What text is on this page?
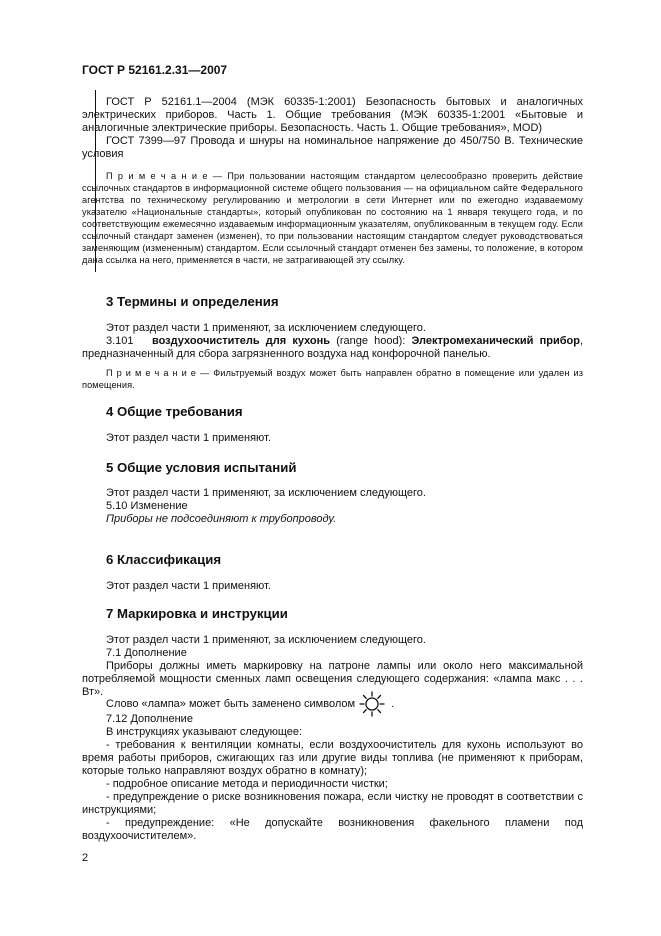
ГОСТ Р 52161.2.31—2007

ГОСТ Р 52161.1—2004 (МЭК 60335-1:2001) Безопасность бытовых и аналогичных электрических приборов. Часть 1. Общие требования (МЭК 60335-1:2001 «Бытовые и аналогичные электрические приборы. Безопасность. Часть 1. Общие требования», MOD)

ГОСТ 7399—97 Провода и шнуры на номинальное напряжение до 450/750 В. Технические условия

П р и м е ч а н и е — При пользовании настоящим стандартом целесообразно проверить действие ссылочных стандартов в информационной системе общего пользования — на официальном сайте Федерального агентства по техническому регулированию и метрологии в сети Интернет или по ежегодно издаваемому указателю «Национальные стандарты», который опубликован по состоянию на 1 января текущего года, и по соответствующим ежемесячно издаваемым информационным указателям, опубликованным в текущем году. Если ссылочный стандарт заменен (изменен), то при пользовании настоящим стандартом следует руководствоваться заменяющим (измененным) стандартом. Если ссылочный стандарт отменен без замены, то положение, в котором дана ссылка на него, применяется в части, не затрагивающей эту ссылку.

3 Термины и определения

Этот раздел части 1 применяют, за исключением следующего.

3.101 воздухоочиститель для кухонь (range hood): Электромеханический прибор, предназначенный для сбора загрязненного воздуха над конфорочной панелью.

П р и м е ч а н и е — Фильтруемый воздух может быть направлен обратно в помещение или удален из помещения.

4 Общие требования

Этот раздел части 1 применяют.

5 Общие условия испытаний

Этот раздел части 1 применяют, за исключением следующего.

5.10 Изменение

Приборы не подсоединяют к трубопроводу.

6 Классификация

Этот раздел части 1 применяют.

7 Маркировка и инструкции

Этот раздел части 1 применяют, за исключением следующего.

7.1 Дополнение

Приборы должны иметь маркировку на патроне лампы или около него максимальной потребляемой мощности сменных ламп освещения следующего содержания: «лампа макс . . . Вт».

Слово «лампа» может быть заменено символом	.

7.12 Дополнение

В инструкциях указывают следующее:

- требования к вентиляции комнаты, если воздухоочиститель для кухонь используют во время работы приборов, сжигающих газ или другие виды топлива (не применяют к приборам, которые только направляют воздух обратно в комнату);

- подробное описание метода и периодичности чистки;

- предупреждение о риске возникновения пожара, если чистку не проводят в соответствии с инструкциями;

- предупреждение: «Не допускайте возникновения факельного пламени под воздухоочистителем».

2
